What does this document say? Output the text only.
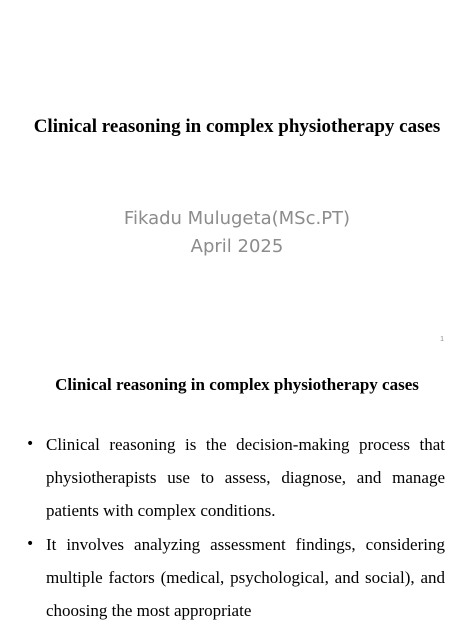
Clinical reasoning in complex physiotherapy cases
Fikadu Mulugeta(MSc.PT)
April 2025
1
Clinical reasoning in complex physiotherapy cases
• Clinical reasoning is the decision-making process that physiotherapists use to assess, diagnose, and manage patients with complex conditions.
• It involves analyzing assessment findings, considering multiple factors (medical, psychological, and social), and choosing the most appropriate
